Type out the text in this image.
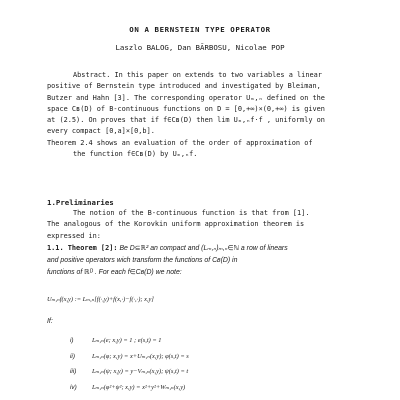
ON A BERNSTEIN TYPE OPERATOR
Laszlo BALOG, Dan BĂRBOSU, Nicolae POP
Abstract. In this paper on extends to two variables a linear
positive of Bernstein type introduced and investigated by Bleiman,
Butzer and Hahn [3]. The corresponding operator Uₘ,ₙ defined on the
space Cʙ(D) of B-continuous functions on D = [0,+∞)×(0,+∞) is given
at (2.5). On proves that if f∈Cʙ(D) then lim Uₘ,ₙf·f , uniformly on
every compact [0,a]×[0,b].
Theorem 2.4 shows an evaluation of the order of approximation of
the function f∈Cʙ(D) by Uₘ,ₙf.
1.Preliminaries
The notion of the B-continuous function is that from [1].
The analogous of the Korovkin uniform approximation theorem is
expressed in:
1.1. Theorem [2]: Be D⊆ℝ² an compact and (Lₘ,ₙ)ₘ,ₙ∈ℕ a row of linears
and positive operators wich transform the functions of Cʙ(D) in
functions of ℝᴰ . For each f∈Cʙ(D) we note:
Uₘ,ₙf(x,y) := Lₘ,ₙ[f(·,y)+f(x,·)−f(·,·); x,y]
If:
i)	Lₘ,ₙ(e; x,y) = 1 ; e(s,t) = 1
ii)	Lₘ,ₙ(φ; x,y) = x+Uₘ,ₙ(x,y); φ(s,t) = s
iii) Lₘ,ₙ(ψ; x,y) = y−Vₘ,ₙ(x,y); ψ(s,t) = t
iv) Lₘ,ₙ(φ²+ψ²; x,y) = x²+y²+Wₘ,ₙ(x,y)
